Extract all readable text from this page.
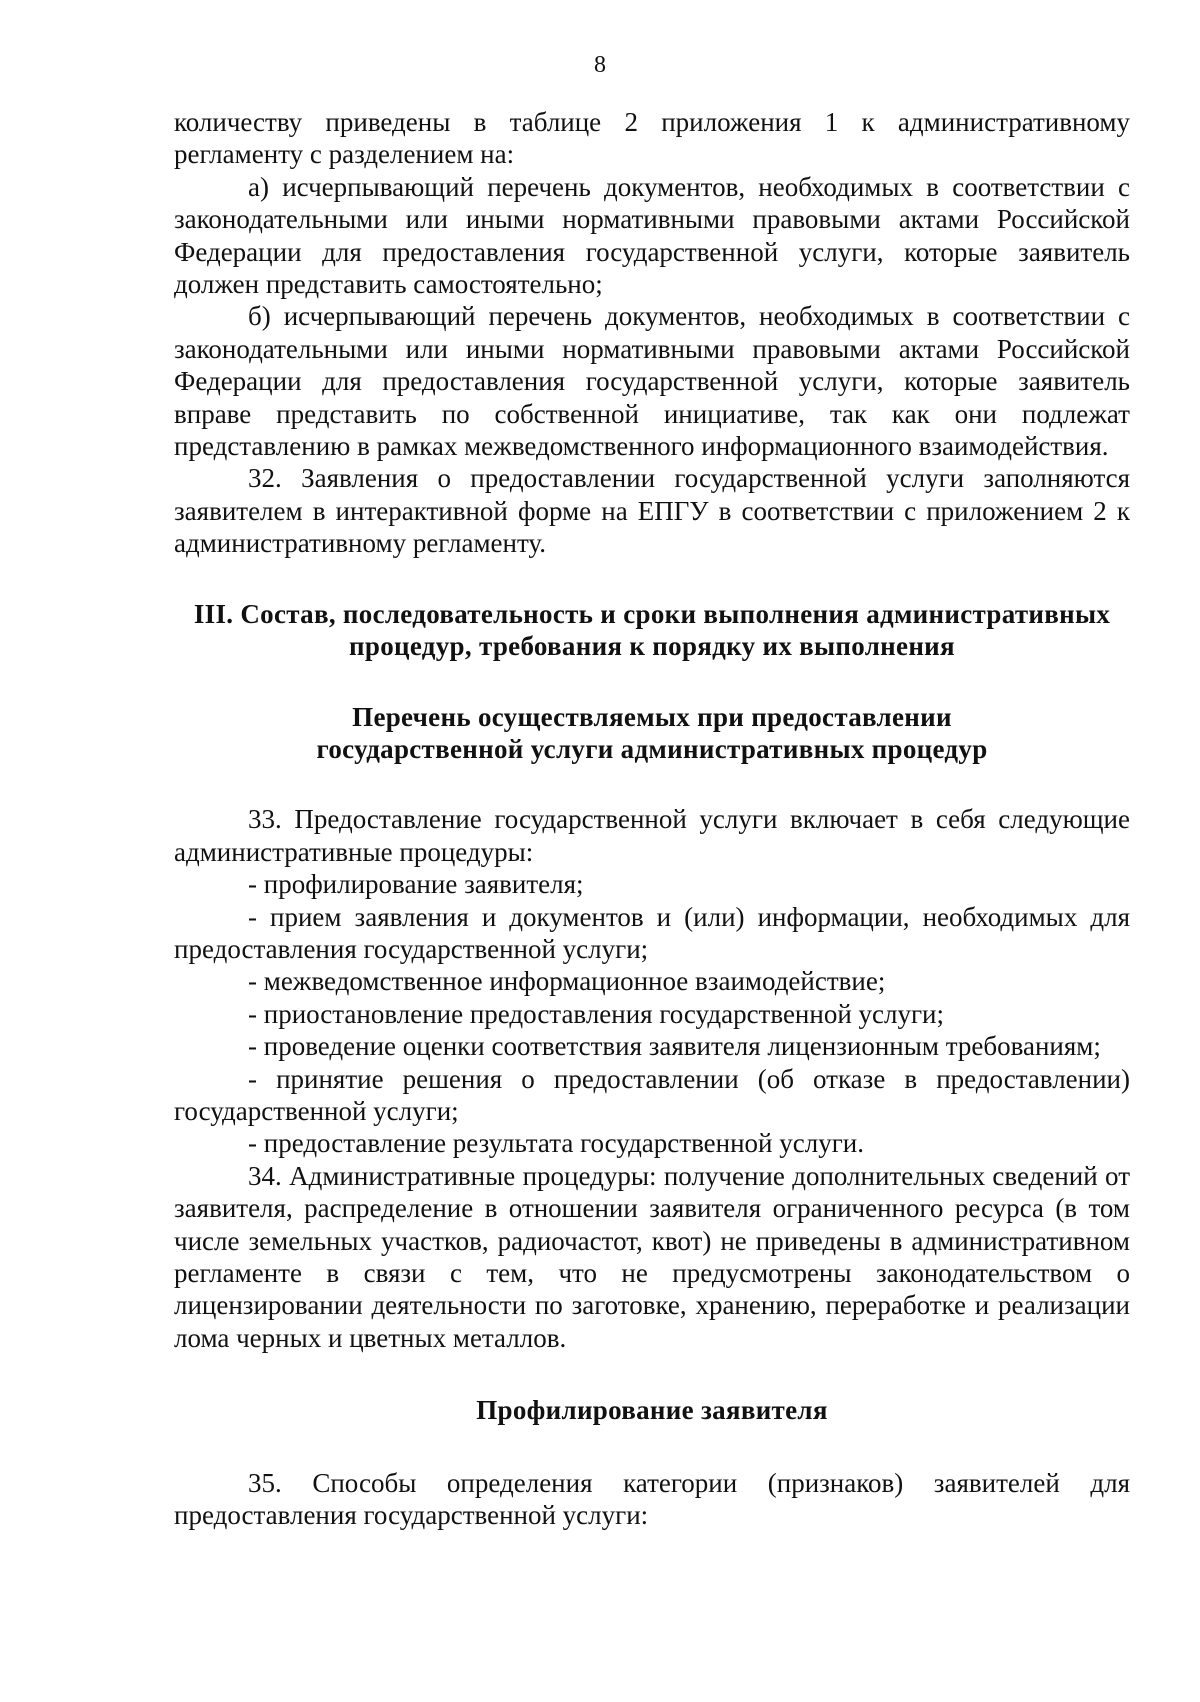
8

количеству приведены в таблице 2 приложения 1 к административному регламенту с разделением на:

а) исчерпывающий перечень документов, необходимых в соответствии с законодательными или иными нормативными правовыми актами Российской Федерации для предоставления государственной услуги, которые заявитель должен представить самостоятельно;

б) исчерпывающий перечень документов, необходимых в соответствии с законодательными или иными нормативными правовыми актами Российской Федерации для предоставления государственной услуги, которые заявитель вправе представить по собственной инициативе, так как они подлежат представлению в рамках межведомственного информационного взаимодействия.

32. Заявления о предоставлении государственной услуги заполняются заявителем в интерактивной форме на ЕПГУ в соответствии с приложением 2 к административному регламенту.

III. Состав, последовательность и сроки выполнения административных процедур, требования к порядку их выполнения

Перечень осуществляемых при предоставлении государственной услуги административных процедур

33. Предоставление государственной услуги включает в себя следующие административные процедуры:

- профилирование заявителя;

- прием заявления и документов и (или) информации, необходимых для предоставления государственной услуги;

- межведомственное информационное взаимодействие;

- приостановление предоставления государственной услуги;

- проведение оценки соответствия заявителя лицензионным требованиям;

- принятие решения о предоставлении (об отказе в предоставлении) государственной услуги;

- предоставление результата государственной услуги.

34. Административные процедуры: получение дополнительных сведений от заявителя, распределение в отношении заявителя ограниченного ресурса (в том числе земельных участков, радиочастот, квот) не приведены в административном регламенте в связи с тем, что не предусмотрены законодательством о лицензировании деятельности по заготовке, хранению, переработке и реализации лома черных и цветных металлов.

Профилирование заявителя

35. Способы определения категории (признаков) заявителей для предоставления государственной услуги:
